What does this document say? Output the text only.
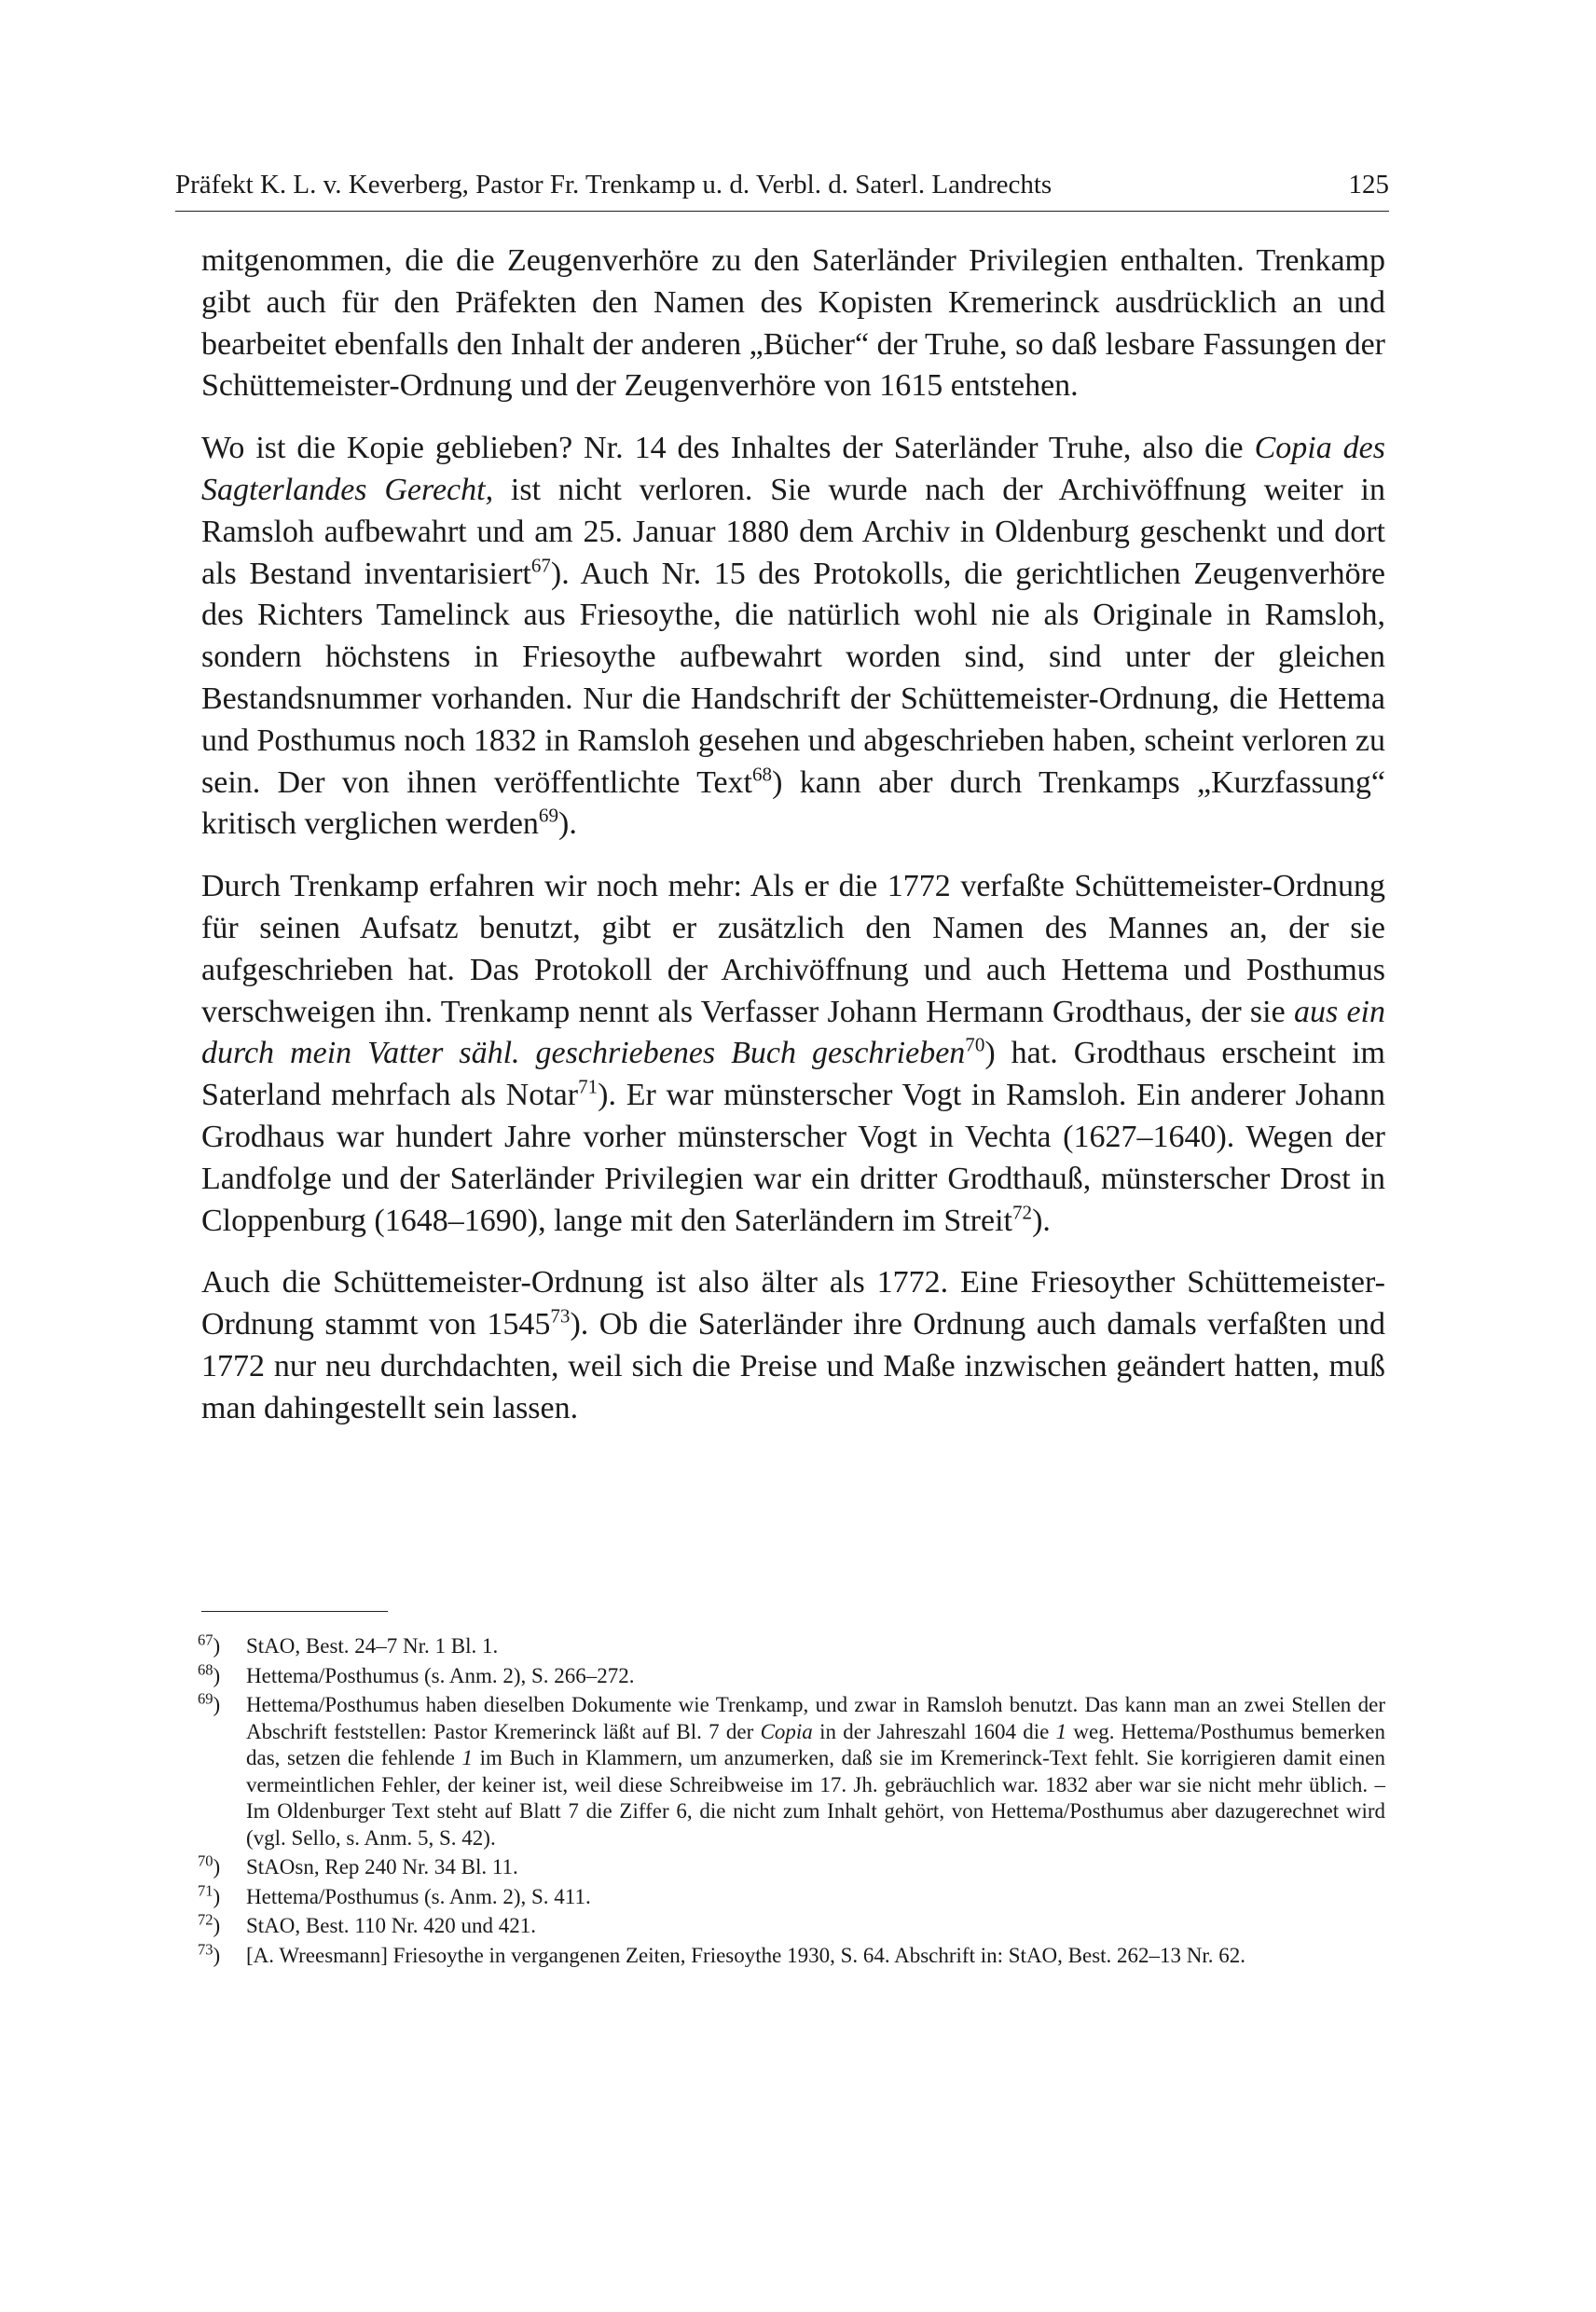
Präfekt K. L. v. Keverberg, Pastor Fr. Trenkamp u. d. Verbl. d. Saterl. Landrechts	125

mitgenommen, die die Zeugenverhöre zu den Saterländer Privilegien enthalten. Trenkamp gibt auch für den Präfekten den Namen des Kopisten Kremerinck ausdrücklich an und bearbeitet ebenfalls den Inhalt der anderen „Bücher“ der Truhe, so daß lesbare Fassungen der Schüttemeister-Ordnung und der Zeugenverhöre von 1615 entstehen.

Wo ist die Kopie geblieben? Nr. 14 des Inhaltes der Saterländer Truhe, also die Copia des Sagterlandes Gerecht, ist nicht verloren. Sie wurde nach der Archivöffnung weiter in Ramsloh aufbewahrt und am 25. Januar 1880 dem Archiv in Oldenburg geschenkt und dort als Bestand inventarisiert$^{67}$). Auch Nr. 15 des Protokolls, die gerichtlichen Zeugenverhöre des Richters Tamelinck aus Friesoythe, die natürlich wohl nie als Originale in Ramsloh, sondern höchstens in Friesoythe aufbewahrt worden sind, sind unter der gleichen Bestandsnummer vorhanden. Nur die Handschrift der Schüttemeister-Ordnung, die Hettema und Posthumus noch 1832 in Ramsloh gesehen und abgeschrieben haben, scheint verloren zu sein. Der von ihnen veröffentlichte Text$^{68}$) kann aber durch Trenkamps „Kurzfassung“ kritisch verglichen werden$^{69}$).

Durch Trenkamp erfahren wir noch mehr: Als er die 1772 verfaßte Schüttemeister-Ordnung für seinen Aufsatz benutzt, gibt er zusätzlich den Namen des Mannes an, der sie aufgeschrieben hat. Das Protokoll der Archivöffnung und auch Hettema und Posthumus verschweigen ihn. Trenkamp nennt als Verfasser Johann Hermann Grodthaus, der sie aus ein durch mein Vatter sähl. geschriebenes Buch geschrieben$^{70}$) hat. Grodthaus erscheint im Saterland mehrfach als Notar$^{71}$). Er war münsterscher Vogt in Ramsloh. Ein anderer Johann Grodhaus war hundert Jahre vorher münsterscher Vogt in Vechta (1627–1640). Wegen der Landfolge und der Saterländer Privilegien war ein dritter Grodthauß, münsterscher Drost in Cloppenburg (1648–1690), lange mit den Saterländern im Streit$^{72}$).

Auch die Schüttemeister-Ordnung ist also älter als 1772. Eine Friesoyther Schüttemeister-Ordnung stammt von 1545$^{73}$). Ob die Saterländer ihre Ordnung auch damals verfaßten und 1772 nur neu durchdachten, weil sich die Preise und Maße inzwischen geändert hatten, muß man dahingestellt sein lassen.

$^{67}$)	StAO, Best. 24–7 Nr. 1 Bl. 1.
$^{68}$)	Hettema/Posthumus (s. Anm. 2), S. 266–272.
$^{69}$)	Hettema/Posthumus haben dieselben Dokumente wie Trenkamp, und zwar in Ramsloh benutzt. Das kann man an zwei Stellen der Abschrift feststellen: Pastor Kremerinck läßt auf Bl. 7 der Copia in der Jahreszahl 1604 die 1 weg. Hettema/Posthumus bemerken das, setzen die fehlende 1 im Buch in Klammern, um anzumerken, daß sie im Kremerinck-Text fehlt. Sie korrigieren damit einen vermeintlichen Fehler, der keiner ist, weil diese Schreibweise im 17. Jh. gebräuchlich war. 1832 aber war sie nicht mehr üblich. – Im Oldenburger Text steht auf Blatt 7 die Ziffer 6, die nicht zum Inhalt gehört, von Hettema/Posthumus aber dazugerechnet wird (vgl. Sello, s. Anm. 5, S. 42).
$^{70}$)	StAOsn, Rep 240 Nr. 34 Bl. 11.
$^{71}$)	Hettema/Posthumus (s. Anm. 2), S. 411.
$^{72}$)	StAO, Best. 110 Nr. 420 und 421.
$^{73}$)	[A. Wreesmann] Friesoythe in vergangenen Zeiten, Friesoythe 1930, S. 64. Abschrift in: StAO, Best. 262–13 Nr. 62.
